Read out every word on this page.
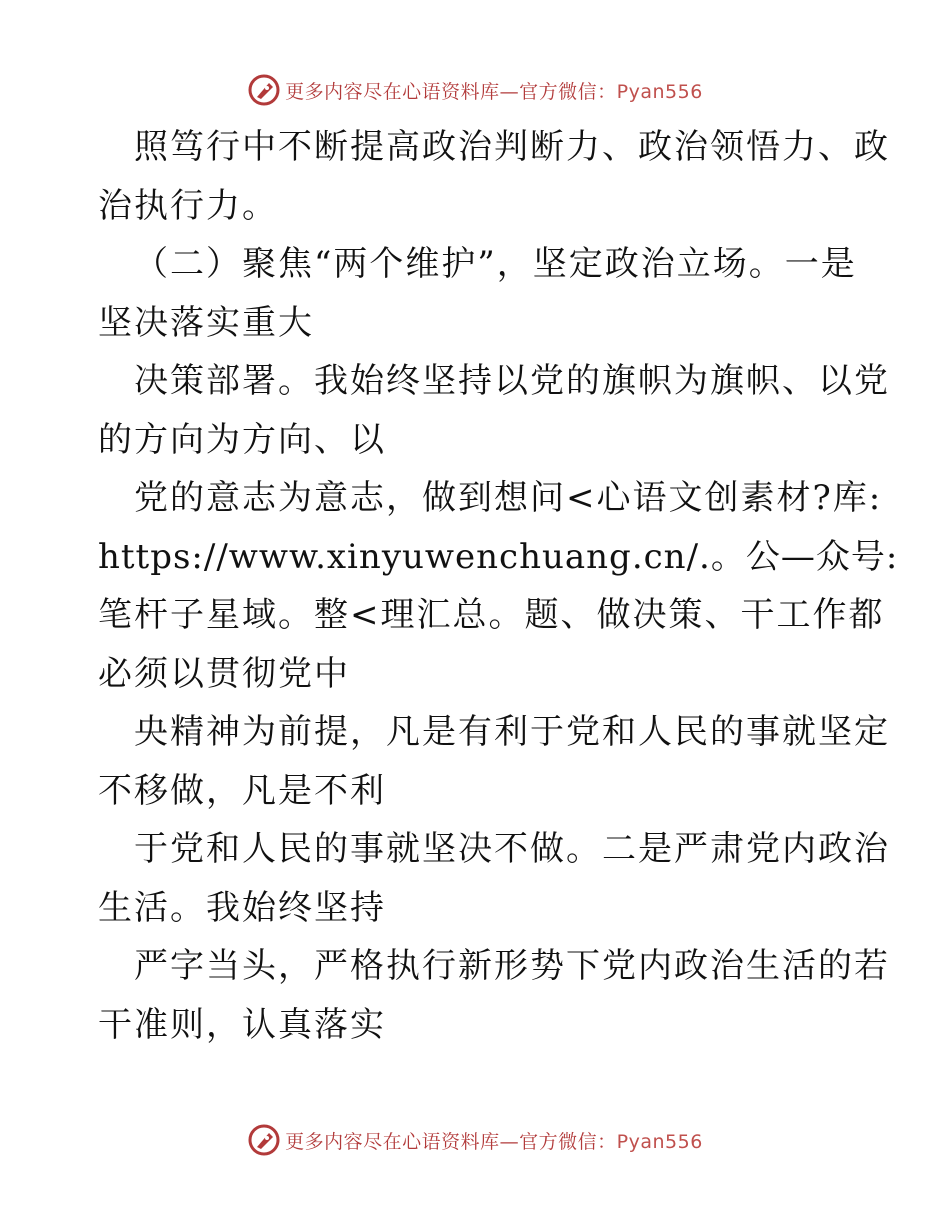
更多内容尽在心语资料库—官方微信：Pyan556
照笃行中不断提高政治判断力、政治领悟力、政
治执行力。
（二）聚焦“两个维护”，坚定政治立场。一是
坚决落实重大
决策部署。我始终坚持以党的旗帜为旗帜、以党
的方向为方向、以
党的意志为意志，做到想问<心语文创素材?库:
https://www.xinyuwenchuang.cn/.。公—众号:
笔杆子星域。整<理汇总。题、做决策、干工作都
必须以贯彻党中
央精神为前提，凡是有利于党和人民的事就坚定
不移做，凡是不利
于党和人民的事就坚决不做。二是严肃党内政治
生活。我始终坚持
严字当头，严格执行新形势下党内政治生活的若
干准则，认真落实
更多内容尽在心语资料库—官方微信：Pyan556
